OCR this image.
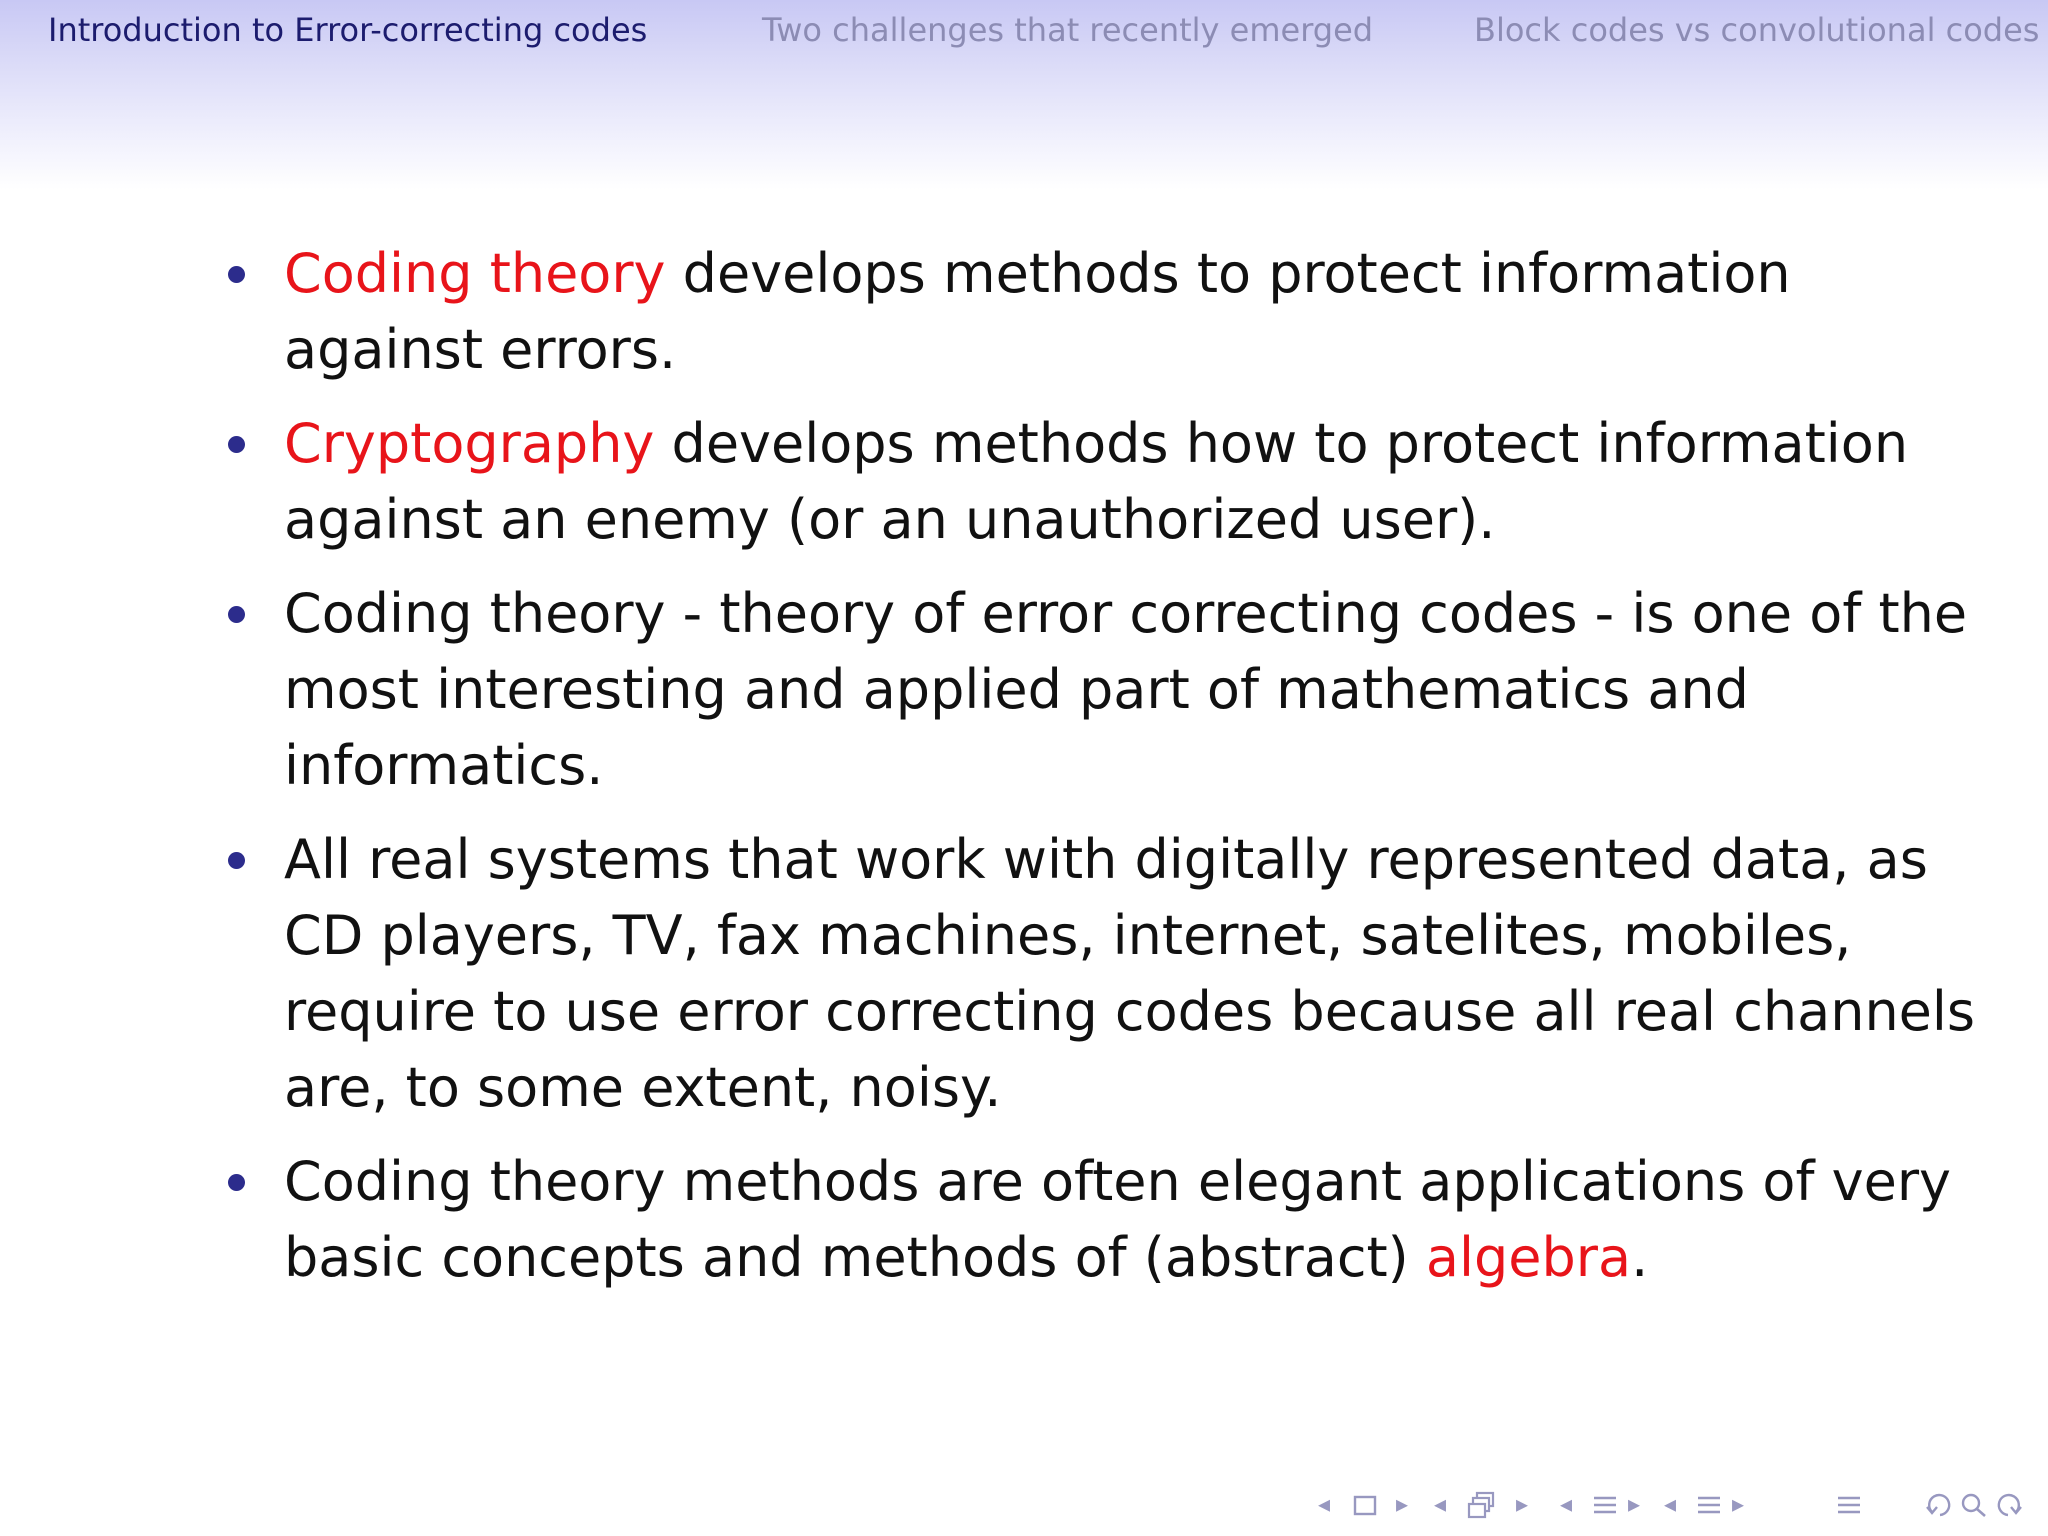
Introduction to Error-correcting codes	Two challenges that recently emerged	Block codes vs convolutional codes
Coding theory develops methods to protect information
against errors.
Cryptography develops methods how to protect information
against an enemy (or an unauthorized user).
Coding theory - theory of error correcting codes - is one of the
most interesting and applied part of mathematics and
informatics.
All real systems that work with digitally represented data, as
CD players, TV, fax machines, internet, satelites, mobiles,
require to use error correcting codes because all real channels
are, to some extent, noisy.
Coding theory methods are often elegant applications of very
basic concepts and methods of (abstract) algebra.
◂	▸ ◂	▸ ◂ ▸ ◂ ▸
